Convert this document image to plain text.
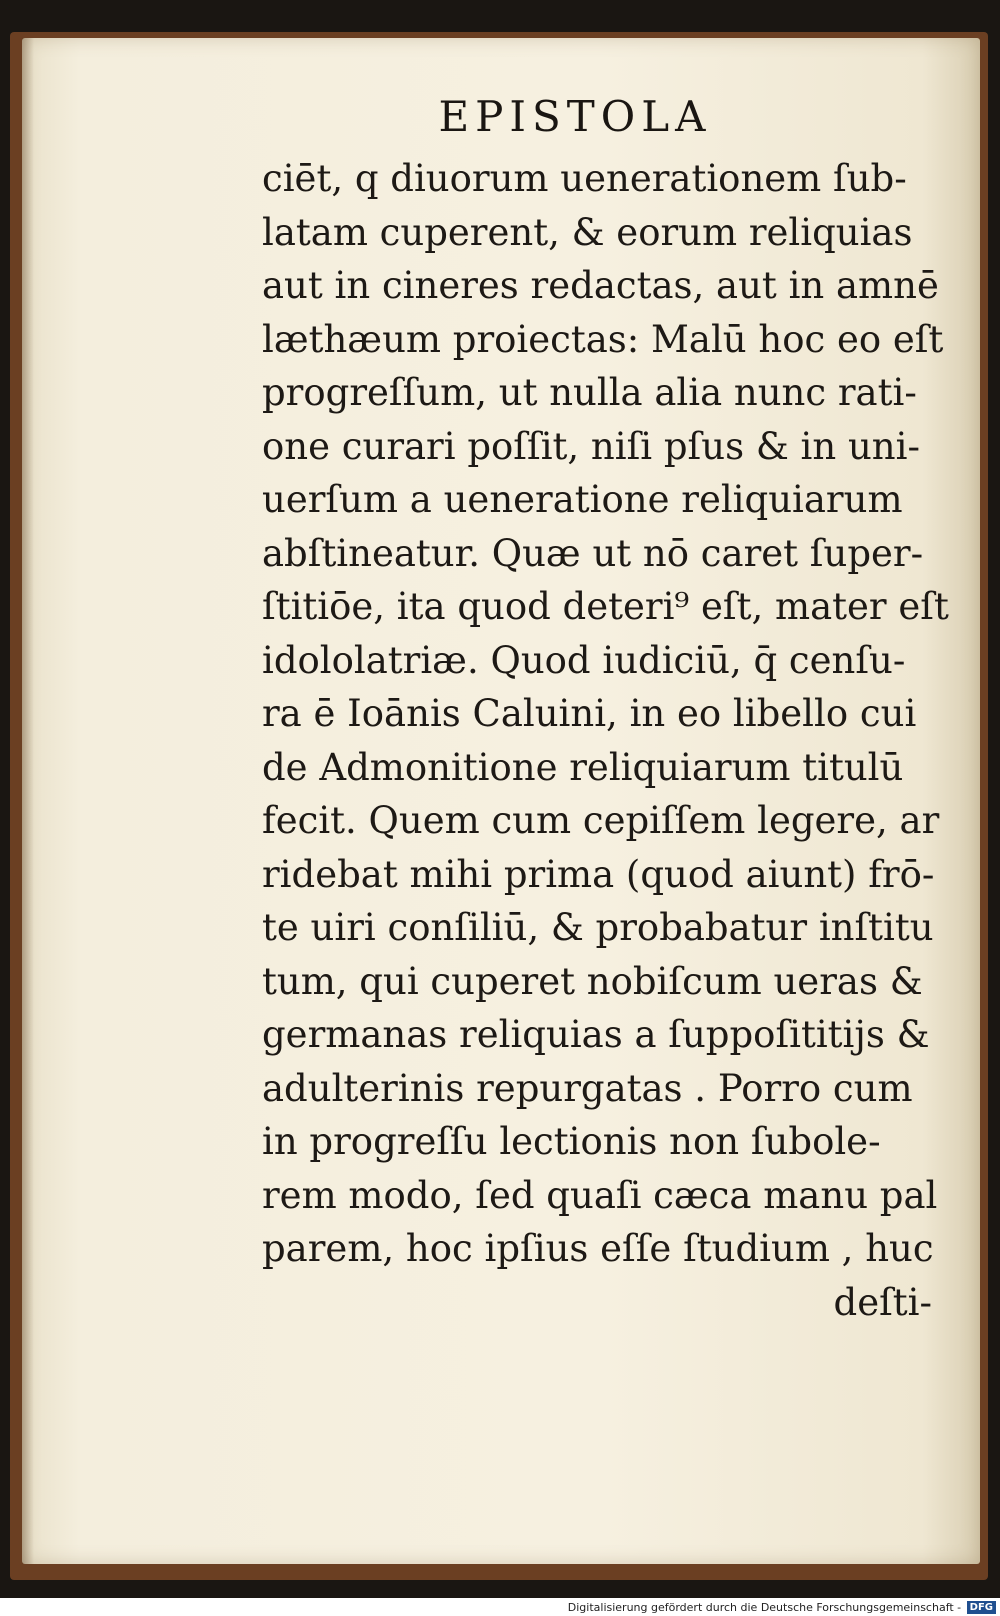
EPISTOLA
ciēt, q diuorum uenerationem ſub-
latam cuperent, & eorum reliquias
aut in cineres redactas, aut in amnē
læthæum proiectas: Malū hoc eo eſt
progreſſum, ut nulla alia nunc rati-
one curari poſſit, niſi pſus & in uni-
uerſum a ueneratione reliquiarum
abſtineatur. Quæ ut nō caret ſuper-
ſtitiōe, ita quod deteri⁹ eſt, mater eſt
idololatriæ. Quod iudiciū, q̄ cenſu-
ra ē Ioānis Caluini, in eo libello cui
de Admonitione reliquiarum titulū
fecit. Quem cum cepiſſem legere, ar
ridebat mihi prima (quod aiunt) frō-
te uiri conſiliū, & probabatur inſtitu
tum, qui cuperet nobiſcum ueras &
germanas reliquias a ſuppoſititijs &
adulterinis repurgatas . Porro cum
in progreſſu lectionis non ſubole-
rem modo, ſed quaſi cæca manu pal
parem, hoc ipſius eſſe ſtudium , huc
deſti-
Digitalisierung gefördert durch die Deutsche Forschungsgemeinschaft - DFG
